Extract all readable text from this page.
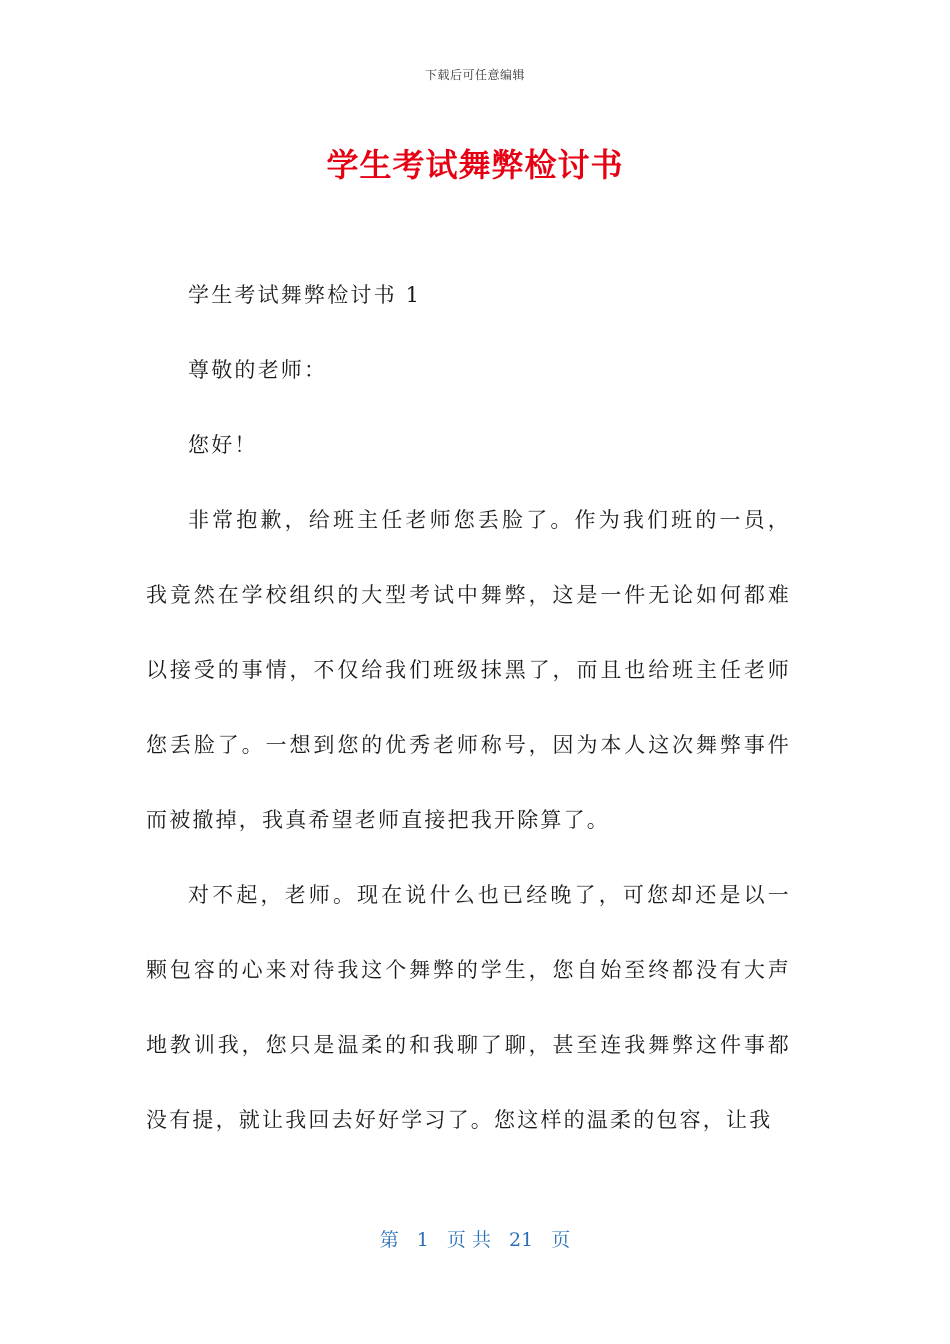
下载后可任意编辑
学生考试舞弊检讨书

学生考试舞弊检讨书 1

尊敬的老师：

您好！

非常抱歉，给班主任老师您丢脸了。作为我们班的一员，我竟然在学校组织的大型考试中舞弊，这是一件无论如何都难以接受的事情，不仅给我们班级抹黑了，而且也给班主任老师您丢脸了。一想到您的优秀老师称号，因为本人这次舞弊事件而被撤掉，我真希望老师直接把我开除算了。

对不起，老师。现在说什么也已经晚了，可您却还是以一颗包容的心来对待我这个舞弊的学生，您自始至终都没有大声地教训我，您只是温柔的和我聊了聊，甚至连我舞弊这件事都没有提，就让我回去好好学习了。您这样的温柔的包容，让我

第 1 页 共 21 页
